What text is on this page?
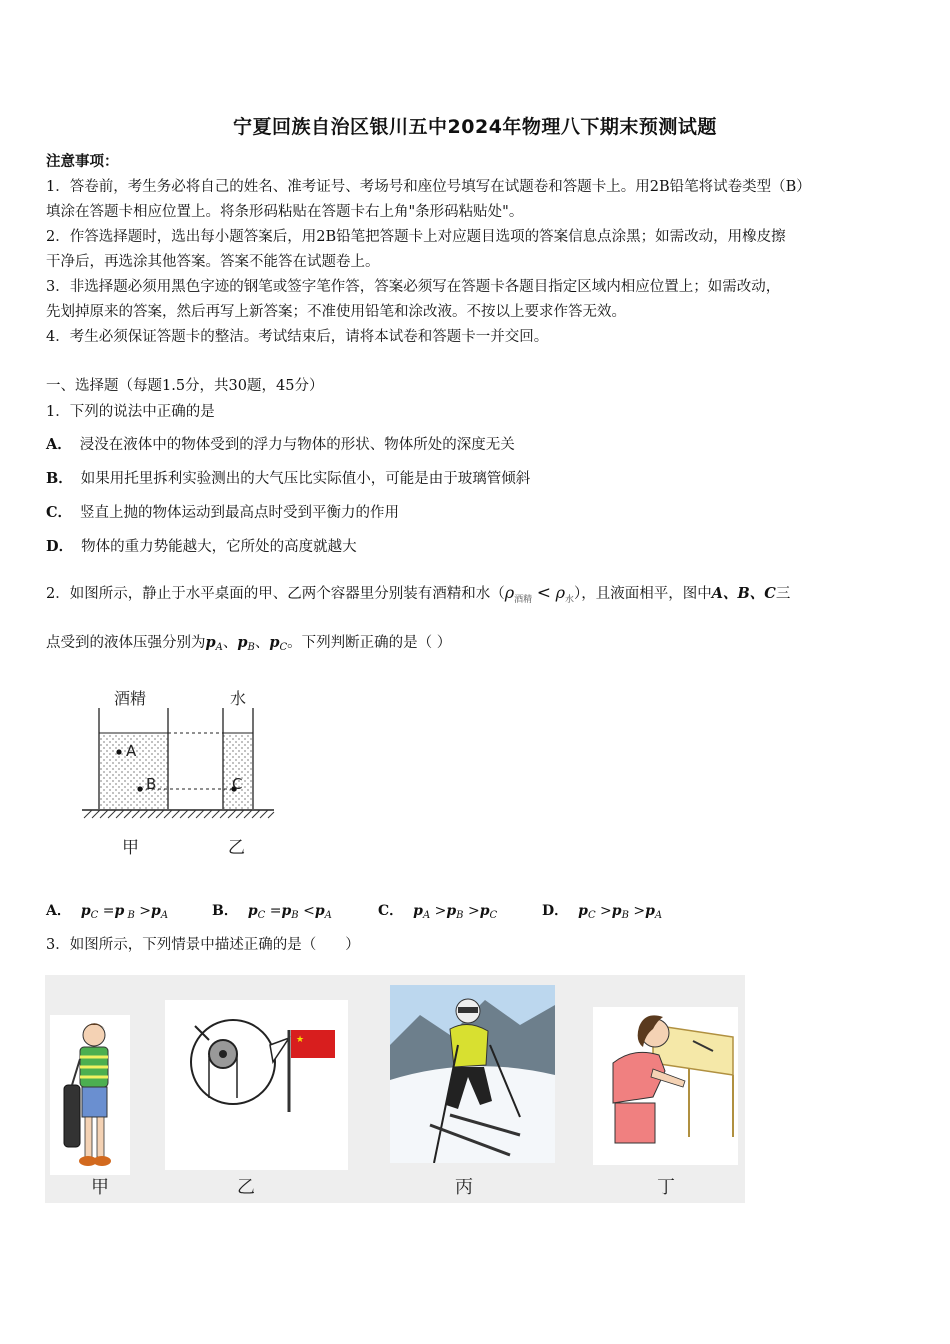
宁夏回族自治区银川五中2024年物理八下期末预测试题
注意事项：
1．答卷前，考生务必将自己的姓名、准考证号、考场号和座位号填写在试题卷和答题卡上。用2B铅笔将试卷类型（B）
填涂在答题卡相应位置上。将条形码粘贴在答题卡右上角"条形码粘贴处"。
2．作答选择题时，选出每小题答案后，用2B铅笔把答题卡上对应题目选项的答案信息点涂黑；如需改动，用橡皮擦
干净后，再选涂其他答案。答案不能答在试题卷上。
3．非选择题必须用黑色字迹的钢笔或签字笔作答，答案必须写在答题卡各题目指定区域内相应位置上；如需改动，
先划掉原来的答案，然后再写上新答案；不准使用铅笔和涂改液。不按以上要求作答无效。
4．考生必须保证答题卡的整洁。考试结束后，请将本试卷和答题卡一并交回。
一、选择题（每题1.5分，共30题，45分）
1．下列的说法中正确的是
A． 浸没在液体中的物体受到的浮力与物体的形状、物体所处的深度无关
B． 如果用托里拆利实验测出的大气压比实际值小，可能是由于玻璃管倾斜
C． 竖直上抛的物体运动到最高点时受到平衡力的作用
D． 物体的重力势能越大，它所处的高度就越大
2．如图所示，静止于水平桌面的甲、乙两个容器里分别装有酒精和水$(\rho_{酒精} < \rho_水)$，且液面相平，图中A、B、C三
点受到的液体压强分别为$p_A$、$p_B$、$p_C$。下列判断正确的是（ ）
酒精	水
A
B	C
甲	乙
A． $p_C =p$ $_B >p_A$	B． $p_C =p_B <p_A$	C． $p_A >p_B >p_C$	D． $p_C >p_B >p_A$
3．如图所示，下列情景中描述正确的是（　　）
★
甲	乙	丙	丁
